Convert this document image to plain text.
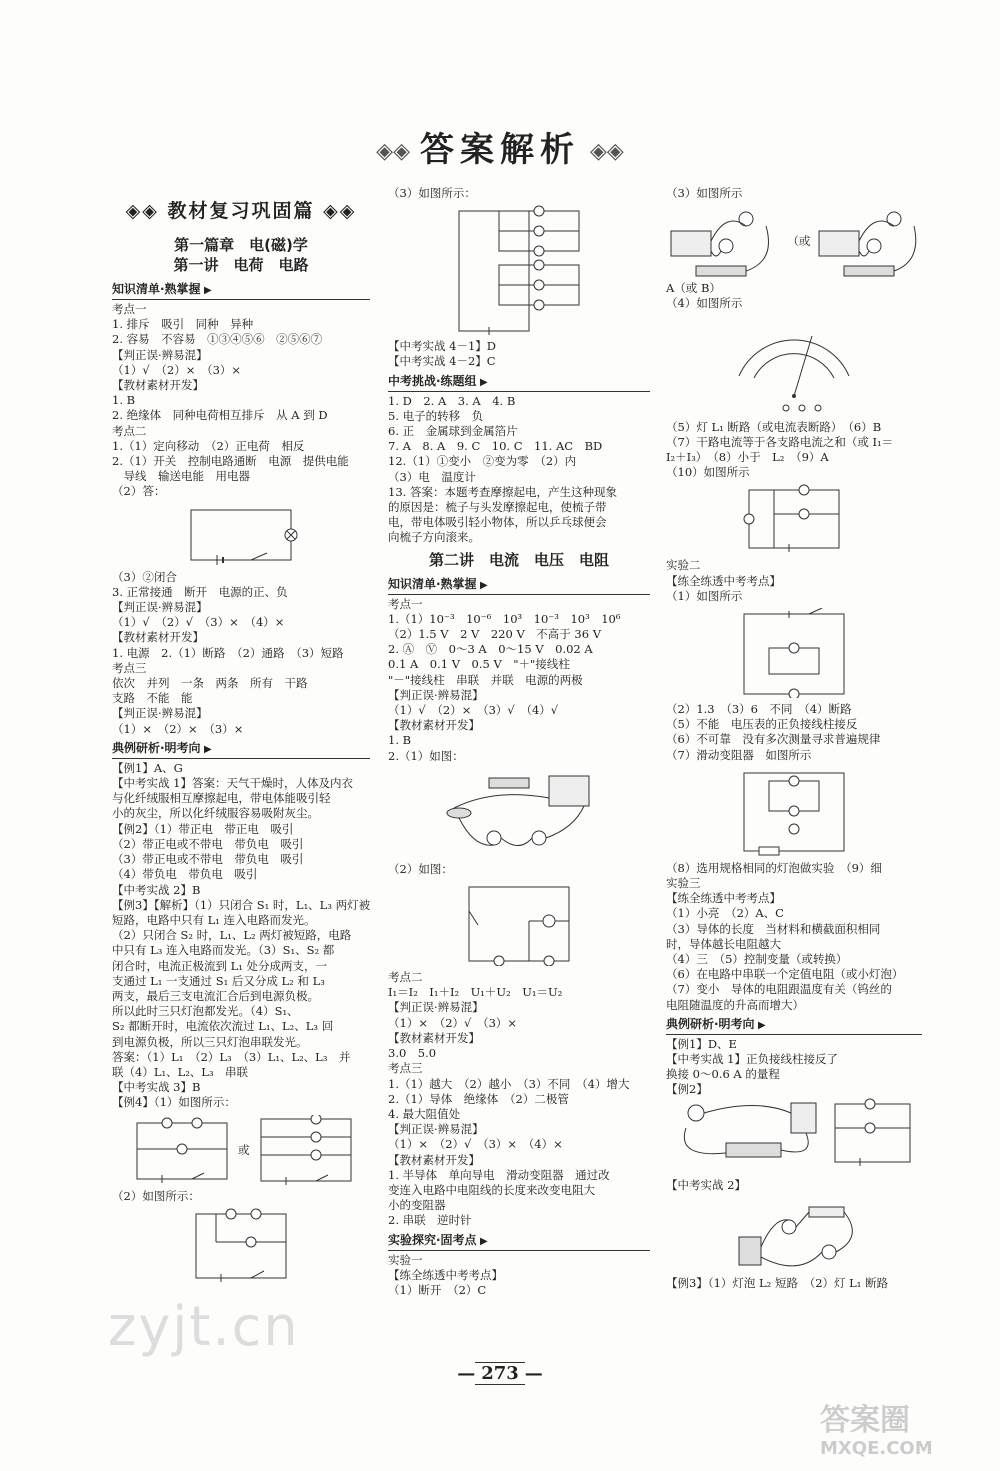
◈◈ 答案解析 ◈◈
◈◈ 教材复习巩固篇 ◈◈
第一篇章　电(磁)学
第一讲　电荷　电路
知识清单·熟掌握 ▶
考点一
1. 排斥　吸引　同种　异种
2. 容易　不容易　①③④⑤⑥　②⑤⑥⑦
【判正误·辨易混】
（1）√　（2）×　（3）×
【教材素材开发】
1. B
2. 绝缘体　同种电荷相互排斥　从 A 到 D
考点二
1.（1）定向移动　（2）正电荷　相反
2.（1）开关　控制电路通断　电源　提供电能
　导线　输送电能　用电器
（2）答：
（3）②闭合
3. 正常接通　断开　电源的正、负
【判正误·辨易混】
（1）√　（2）√　（3）×　（4）×
【教材素材开发】
1. 电源　2.（1）断路　（2）通路　（3）短路
考点三
依次　并列　一条　两条　所有　干路
支路　不能　能
【判正误·辨易混】
（1）×　（2）×　（3）×
典例研析·明考向 ▶
【例1】A、G
【中考实战 1】答案：天气干燥时，人体及内衣
与化纤绒服相互摩擦起电，带电体能吸引轻
小的灰尘，所以化纤绒服容易吸附灰尘。
【例2】（1）带正电　带正电　吸引
（2）带正电或不带电　带负电　吸引
（3）带正电或不带电　带负电　吸引
（4）带负电　带负电　吸引
【中考实战 2】B
【例3】【解析】（1）只闭合 S₁ 时，L₁、L₃ 两灯被
短路，电路中只有 L₁ 连入电路而发光。
（2）只闭合 S₂ 时，L₁、L₂ 两灯被短路，电路
中只有 L₃ 连入电路而发光。（3）S₁、S₂ 都
闭合时，电流正极流到 L₁ 处分成两支，一
支通过 L₁ 一支通过 S₁ 后又分成 L₂ 和 L₃
两支，最后三支电流汇合后到电源负极。
所以此时三只灯泡都发光。（4）S₁、
S₂ 都断开时，电流依次流过 L₁、L₂、L₃ 回
到电源负极，所以三只灯泡串联发光。
答案：（1）L₁　（2）L₃　（3）L₁、L₂、L₃　并
联（4）L₁、L₂、L₃　串联
【中考实战 3】B
【例4】（1）如图所示：
或
（2）如图所示：
（3）如图所示：
【中考实战 4－1】D
【中考实战 4－2】C
中考挑战·练题组 ▶
1. D　2. A　3. A　4. B
5. 电子的转移　负
6. 正　金属球到金属箔片
7. A　8. A　9. C　10. C　11. AC　BD
12.（1）①变小　②变为零　（2）内
（3）电　温度计
13. 答案：本题考查摩擦起电，产生这种现象
的原因是：梳子与头发摩擦起电，使梳子带
电，带电体吸引轻小物体，所以乒乓球便会
向梳子方向滚来。
第二讲　电流　电压　电阻
知识清单·熟掌握 ▶
考点一
1.（1）10⁻³　10⁻⁶　10³　10⁻³　10³　10⁶
（2）1.5 V　2 V　220 V　不高于 36 V
2. Ⓐ　Ⓥ　0～3 A　0～15 V　0.02 A
0.1 A　0.1 V　0.5 V　"＋"接线柱
"－"接线柱　串联　并联　电源的两极
【判正误·辨易混】
（1）√　（2）×　（3）√　（4）√
【教材素材开发】
1. B
2.（1）如图：
（2）如图：
考点二
I₁＝I₂　I₁＋I₂　U₁＋U₂　U₁＝U₂
【判正误·辨易混】
（1）×　（2）√　（3）×
【教材素材开发】
3.0　5.0
考点三
1.（1）越大　（2）越小　（3）不同　（4）增大
2.（1）导体　绝缘体　（2）二极管
4. 最大阻值处
【判正误·辨易混】
（1）×　（2）√　（3）×　（4）×
【教材素材开发】
1. 半导体　单向导电　滑动变阻器　通过改
变连入电路中电阻线的长度来改变电阻大
小的变阻器
2. 串联　逆时针
实验探究·固考点 ▶
实验一
【练全练透中考考点】
（1）断开　（2）C
（3）如图所示
（或
A（或 B）
（4）如图所示
（5）灯 L₁ 断路（或电流表断路）　（6）B
（7）干路电流等于各支路电流之和（或 I₁＝
I₂＋I₃）　（8）小于　L₂　（9）A
（10）如图所示
实验二
【练全练透中考考点】
（1）如图所示
（2）1.3　（3）6　不同　（4）断路
（5）不能　电压表的正负接线柱接反
（6）不可靠　没有多次测量寻求普遍规律
（7）滑动变阻器　如图所示
（8）选用规格相同的灯泡做实验　（9）细
实验三
【练全练透中考考点】
（1）小亮　（2）A、C
（3）导体的长度　当材料和横截面积相同
时，导体越长电阻越大
（4）三　（5）控制变量（或转换）
（6）在电路中串联一个定值电阻（或小灯泡）
（7）变小　导体的电阻跟温度有关（钨丝的
电阻随温度的升高而增大）
典例研析·明考向 ▶
【例1】D、E
【中考实战 1】正负接线柱接反了
换接 0～0.6 A 的量程
【例2】
【中考实战 2】
【例3】（1）灯泡 L₂ 短路　（2）灯 L₁ 断路
— 273 —
zyjt.cn
答案圈
MXQE.COM
